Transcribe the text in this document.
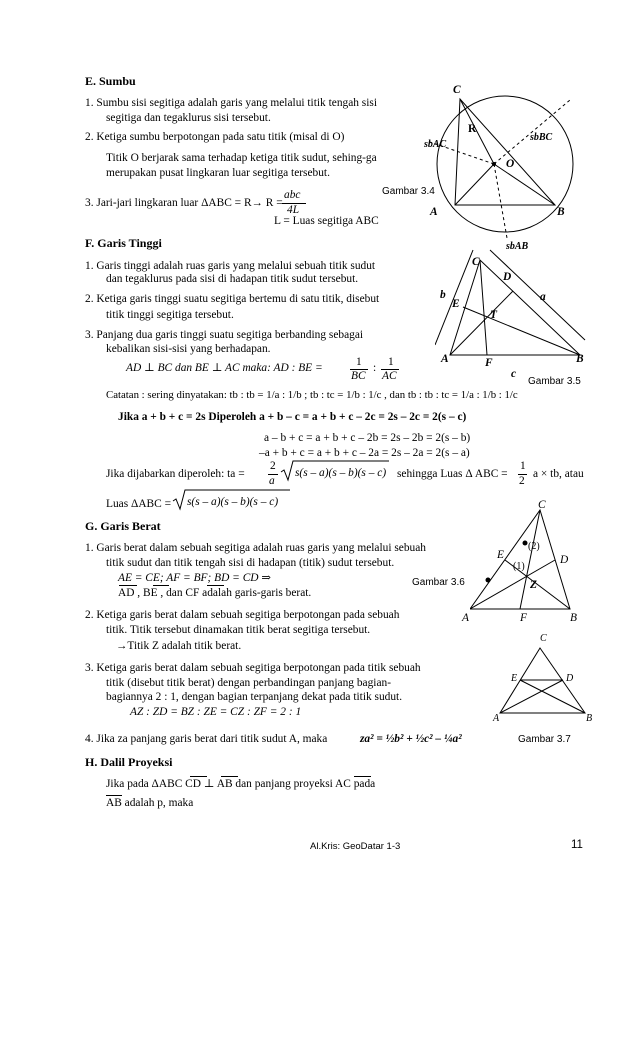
E. Sumbu
1. Sumbu sisi segitiga adalah garis yang melalui titik tengah sisi
segitiga dan tegaklurus sisi tersebut.
2. Ketiga sumbu berpotongan pada satu titik (misal di O)
Titik O berjarak sama terhadap ketiga titik sudut, sehing-ga
merupakan pusat lingkaran luar segitiga tersebut.
3. Jari-jari lingkaran luar ΔABC = R→ R =
abc
4L
L = Luas segitiga ABC
F. Garis Tinggi
1. Garis tinggi adalah ruas garis yang melalui sebuah titik sudut
dan tegaklurus pada sisi di hadapan titik sudut tersebut.
2. Ketiga garis tinggi suatu segitiga bertemu di satu titik, disebut
titik tinggi segitiga tersebut.
3. Panjang dua garis tinggi suatu segitiga berbanding sebagai
kebalikan sisi-sisi yang berhadapan.
AD ⊥ BC dan BE ⊥ AC maka: AD : BE =	1
BC
: 1
AC
Catatan : sering dinyatakan: tb : tb = 1/a : 1/b ; tb : tc = 1/b : 1/c , dan tb : tb : tc = 1/a : 1/b : 1/c
Jika a + b + c = 2s Diperoleh a + b – c = a + b + c – 2c = 2s – 2c = 2(s – c)
a – b + c = a + b + c – 2b = 2s – 2b = 2(s – b)
–a + b + c = a + b + c – 2a = 2s – 2a = 2(s – a)
Jika dijabarkan diperoleh: ta =
2
a
s(s – a)(s – b)(s – c) sehingga Luas Δ ABC =
1
2
a × tb, atau
Luas ΔABC = s(s – a)(s – b)(s – c)
G. Garis Berat
1. Garis berat dalam sebuah segitiga adalah ruas garis yang melalui sebuah
titik sudut dan titik tengah sisi di hadapan (titik) sudut tersebut.
AE = CE; AF = BF; BD = CD ⇒
AD , BE , dan CF adalah garis-garis berat.
2. Ketiga garis berat dalam sebuah segitiga berpotongan pada sebuah
titik. Titik tersebut dinamakan titik berat segitiga tersebut.
→Titik Z adalah titik berat.
3. Ketiga garis berat dalam sebuah segitiga berpotongan pada titik sebuah
titik (disebut titik berat) dengan perbandingan panjang bagian-
bagiannya 2 : 1, dengan bagian terpanjang dekat pada titik sudut.
AZ : ZD = BZ : ZE = CZ : ZF = 2 : 1
4. Jika za panjang garis berat dari titik sudut A, maka	za² = ½b² + ½c² – ¼a²
H. Dalil Proyeksi
Jika pada ΔABC CD ⊥ AB dan panjang proyeksi AC pada
AB adalah p, maka
C
R
O
A	B
sbAC
sbBC
sbAB
Gambar 3.4
C
D
b	a
E
T
A	F	B
c
Gambar 3.5
C
E	D
Z
(2)
(1)
A	F	B
Gambar 3.6
C
E	D
A	B
Gambar 3.7
Al.Kris: GeoDatar 1-3	11
